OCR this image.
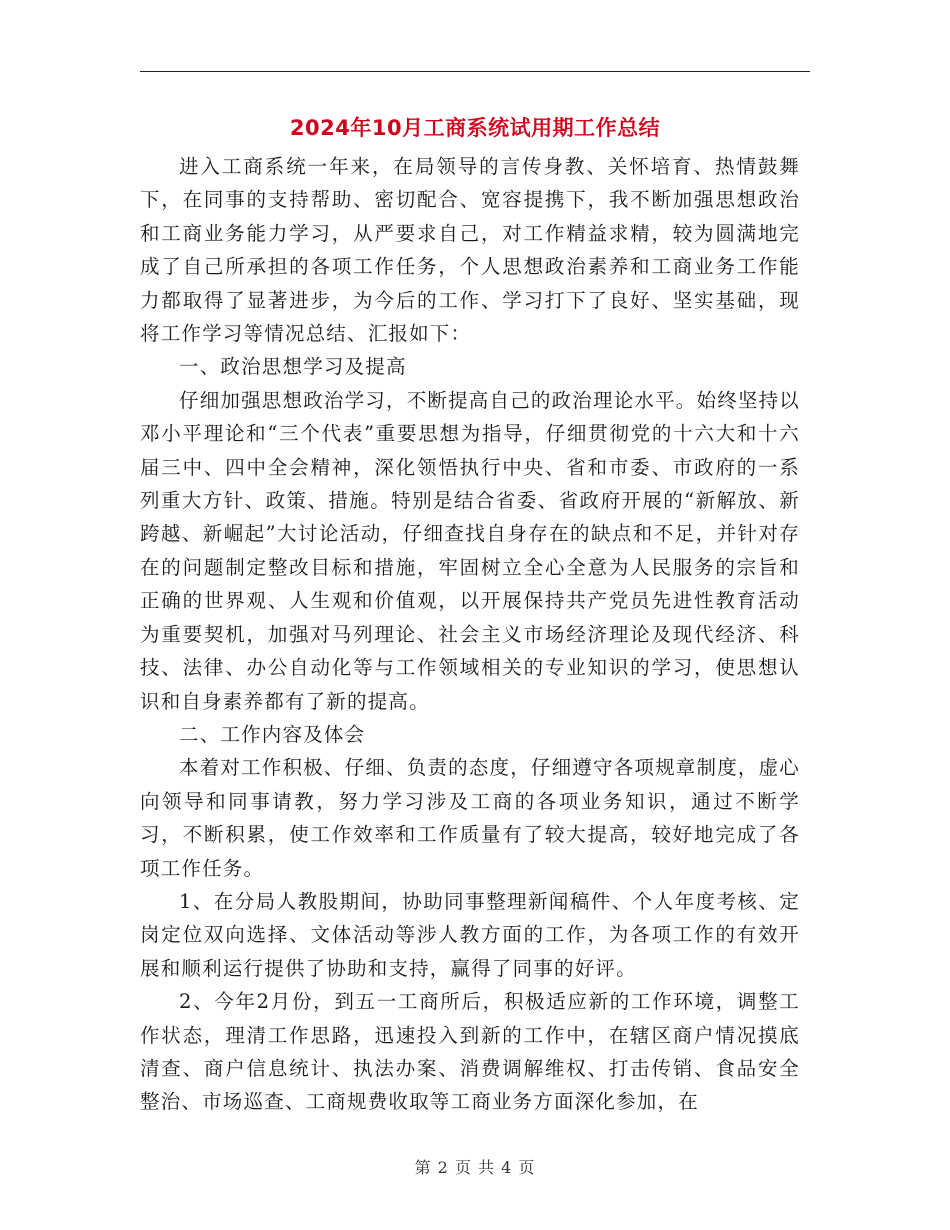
2024年10月工商系统试用期工作总结

进入工商系统一年来，在局领导的言传身教、关怀培育、热情鼓舞下，在同事的支持帮助、密切配合、宽容提携下，我不断加强思想政治和工商业务能力学习，从严要求自己，对工作精益求精，较为圆满地完成了自己所承担的各项工作任务，个人思想政治素养和工商业务工作能力都取得了显著进步，为今后的工作、学习打下了良好、坚实基础，现将工作学习等情况总结、汇报如下：

一、政治思想学习及提高

仔细加强思想政治学习，不断提高自己的政治理论水平。始终坚持以邓小平理论和“三个代表”重要思想为指导，仔细贯彻党的十六大和十六届三中、四中全会精神，深化领悟执行中央、省和市委、市政府的一系列重大方针、政策、措施。特别是结合省委、省政府开展的“新解放、新跨越、新崛起”大讨论活动，仔细查找自身存在的缺点和不足，并针对存在的问题制定整改目标和措施，牢固树立全心全意为人民服务的宗旨和正确的世界观、人生观和价值观，以开展保持共产党员先进性教育活动为重要契机，加强对马列理论、社会主义市场经济理论及现代经济、科技、法律、办公自动化等与工作领域相关的专业知识的学习，使思想认识和自身素养都有了新的提高。

二、工作内容及体会

本着对工作积极、仔细、负责的态度，仔细遵守各项规章制度，虚心向领导和同事请教，努力学习涉及工商的各项业务知识，通过不断学习，不断积累，使工作效率和工作质量有了较大提高，较好地完成了各项工作任务。

1、在分局人教股期间，协助同事整理新闻稿件、个人年度考核、定岗定位双向选择、文体活动等涉人教方面的工作，为各项工作的有效开展和顺利运行提供了协助和支持，赢得了同事的好评。

2、今年2月份，到五一工商所后，积极适应新的工作环境，调整工作状态，理清工作思路，迅速投入到新的工作中，在辖区商户情况摸底清查、商户信息统计、执法办案、消费调解维权、打击传销、食品安全整治、市场巡查、工商规费收取等工商业务方面深化参加，在

第 2 页 共 4 页
